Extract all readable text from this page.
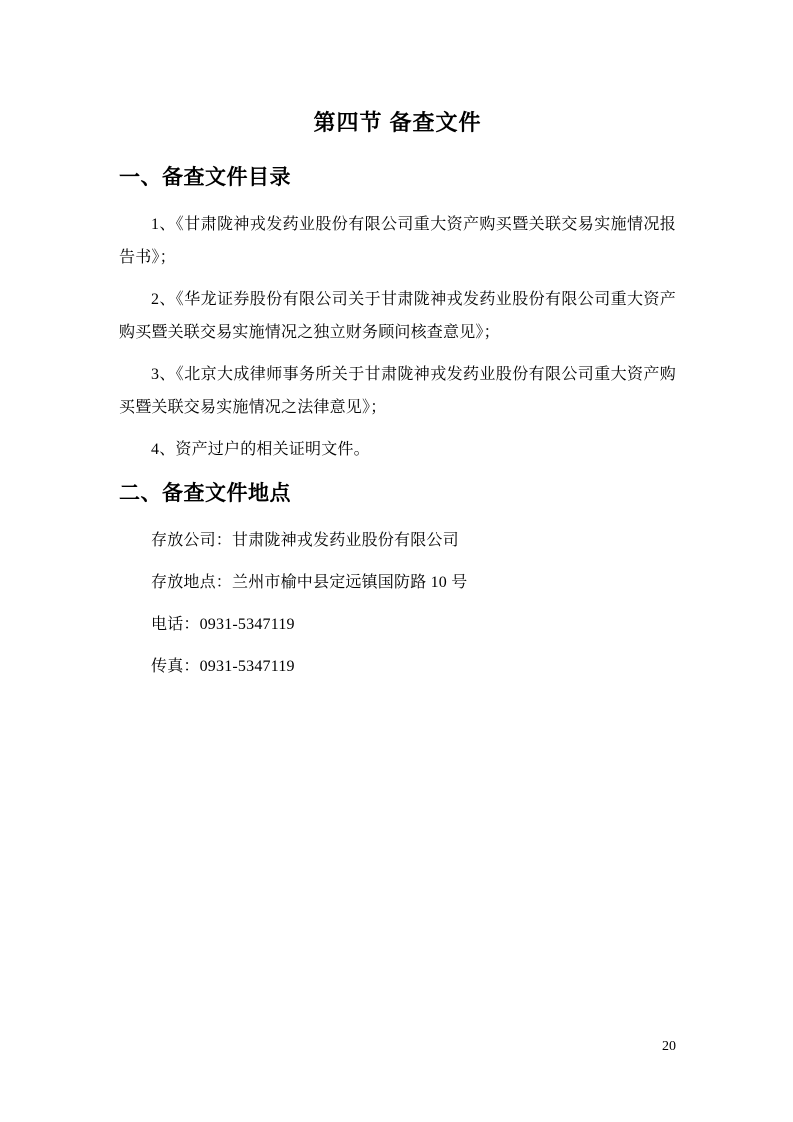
第四节 备查文件
一、备查文件目录

1、《甘肃陇神戎发药业股份有限公司重大资产购买暨关联交易实施情况报告书》；

2、《华龙证券股份有限公司关于甘肃陇神戎发药业股份有限公司重大资产购买暨关联交易实施情况之独立财务顾问核查意见》；

3、《北京大成律师事务所关于甘肃陇神戎发药业股份有限公司重大资产购买暨关联交易实施情况之法律意见》；

4、资产过户的相关证明文件。

二、备查文件地点

存放公司：甘肃陇神戎发药业股份有限公司

存放地点：兰州市榆中县定远镇国防路 10 号

电话：0931-5347119

传真：0931-5347119

20
